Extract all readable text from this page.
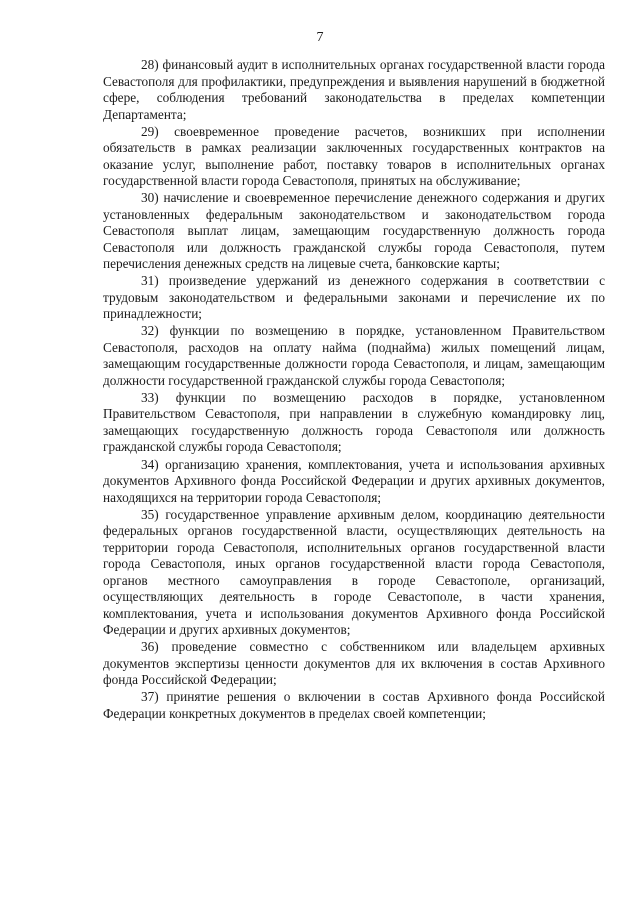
7

28) финансовый аудит в исполнительных органах государственной власти города Севастополя для профилактики, предупреждения и выявления нарушений в бюджетной сфере, соблюдения требований законодательства в пределах компетенции Департамента;

29) своевременное проведение расчетов, возникших при исполнении обязательств в рамках реализации заключенных государственных контрактов на оказание услуг, выполнение работ, поставку товаров в исполнительных органах государственной власти города Севастополя, принятых на обслуживание;

30) начисление и своевременное перечисление денежного содержания и других установленных федеральным законодательством и законодательством города Севастополя выплат лицам, замещающим государственную должность города Севастополя или должность гражданской службы города Севастополя, путем перечисления денежных средств на лицевые счета, банковские карты;

31) произведение удержаний из денежного содержания в соответствии с трудовым законодательством и федеральными законами и перечисление их по принадлежности;

32) функции по возмещению в порядке, установленном Правительством Севастополя, расходов на оплату найма (поднайма) жилых помещений лицам, замещающим государственные должности города Севастополя, и лицам, замещающим должности государственной гражданской службы города Севастополя;

33) функции по возмещению расходов в порядке, установленном Правительством Севастополя, при направлении в служебную командировку лиц, замещающих государственную должность города Севастополя или должность гражданской службы города Севастополя;

34) организацию хранения, комплектования, учета и использования архивных документов Архивного фонда Российской Федерации и других архивных документов, находящихся на территории города Севастополя;

35) государственное управление архивным делом, координацию деятельности федеральных органов государственной власти, осуществляющих деятельность на территории города Севастополя, исполнительных органов государственной власти города Севастополя, иных органов государственной власти города Севастополя, органов местного самоуправления в городе Севастополе, организаций, осуществляющих деятельность в городе Севастополе, в части хранения, комплектования, учета и использования документов Архивного фонда Российской Федерации и других архивных документов;

36) проведение совместно с собственником или владельцем архивных документов экспертизы ценности документов для их включения в состав Архивного фонда Российской Федерации;

37) принятие решения о включении в состав Архивного фонда Российской Федерации конкретных документов в пределах своей компетенции;
